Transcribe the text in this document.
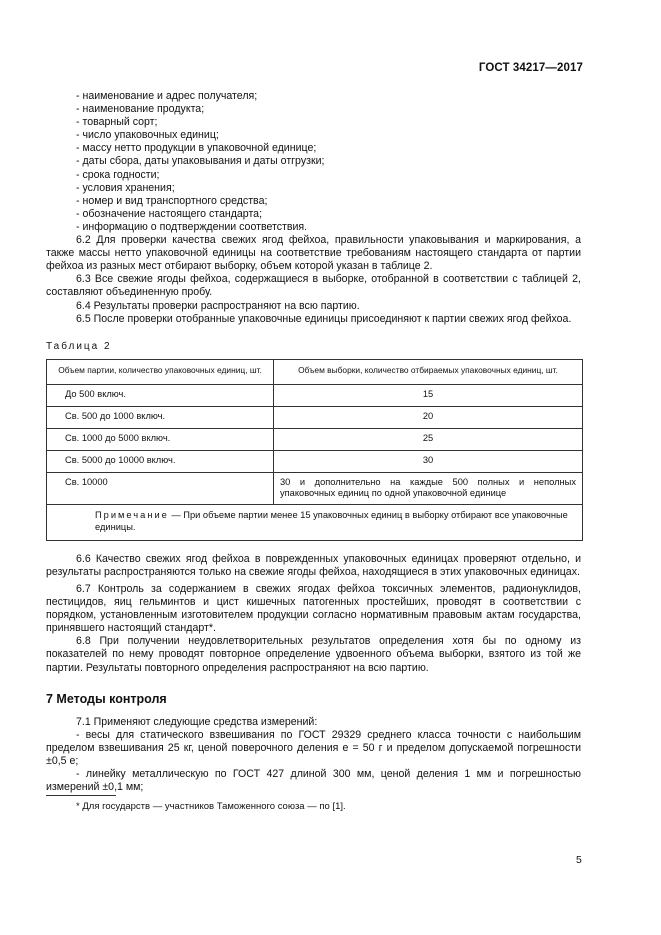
ГОСТ 34217—2017

- наименование и адрес получателя;

- наименование продукта;

- товарный сорт;

- число упаковочных единиц;

- массу нетто продукции в упаковочной единице;

- даты сбора, даты упаковывания и даты отгрузки;

- срока годности;

- условия хранения;

- номер и вид транспортного средства;

- обозначение настоящего стандарта;

- информацию о подтверждении соответствия.

6.2 Для проверки качества свежих ягод фейхоа, правильности упаковывания и маркирования, а также массы нетто упаковочной единицы на соответствие требованиям настоящего стандарта от партии фейхоа из разных мест отбирают выборку, объем которой указан в таблице 2.

6.3 Все свежие ягоды фейхоа, содержащиеся в выборке, отобранной в соответствии с таблицей 2, составляют объединенную пробу.

6.4 Результаты проверки распространяют на всю партию.

6.5 После проверки отобранные упаковочные единицы присоединяют к партии свежих ягод фейхоа.

Таблица 2
Объем партии, количество упаковочных единиц, шт.	Объем выборки, количество отбираемых упаковочных единиц, шт.
До 500 включ.	15
Св. 500 до 1000 включ.	20
Св. 1000 до 5000 включ.	25
Св. 5000 до 10000 включ.	30
Св. 10000	30 и дополнительно на каждые 500 полных и неполных упаковочных единиц по одной упаковочной единице
Примечание — При объеме партии менее 15 упаковочных единиц в выборку отбирают все упаковочные единицы.	

6.6 Качество свежих ягод фейхоа в поврежденных упаковочных единицах проверяют отдельно, и результаты распространяются только на свежие ягоды фейхоа, находящиеся в этих упаковочных единицах.

6.7 Контроль за содержанием в свежих ягодах фейхоа токсичных элементов, радионуклидов, пестицидов, яиц гельминтов и цист кишечных патогенных простейших, проводят в соответствии с порядком, установленным изготовителем продукции согласно нормативным правовым актам государства, принявшего настоящий стандарт*.

6.8 При получении неудовлетворительных результатов определения хотя бы по одному из показателей по нему проводят повторное определение удвоенного объема выборки, взятого из той же партии. Результаты повторного определения распространяют на всю партию.

7 Методы контроля

7.1 Применяют следующие средства измерений:

- весы для статического взвешивания по ГОСТ 29329 среднего класса точности с наибольшим пределом взвешивания 25 кг, ценой поверочного деления е = 50 г и пределом допускаемой погрешности ±0,5 е;

- линейку металлическую по ГОСТ 427 длиной 300 мм, ценой деления 1 мм и погрешностью измерений ±0,1 мм;

* Для государств — участников Таможенного союза — по [1].
5
